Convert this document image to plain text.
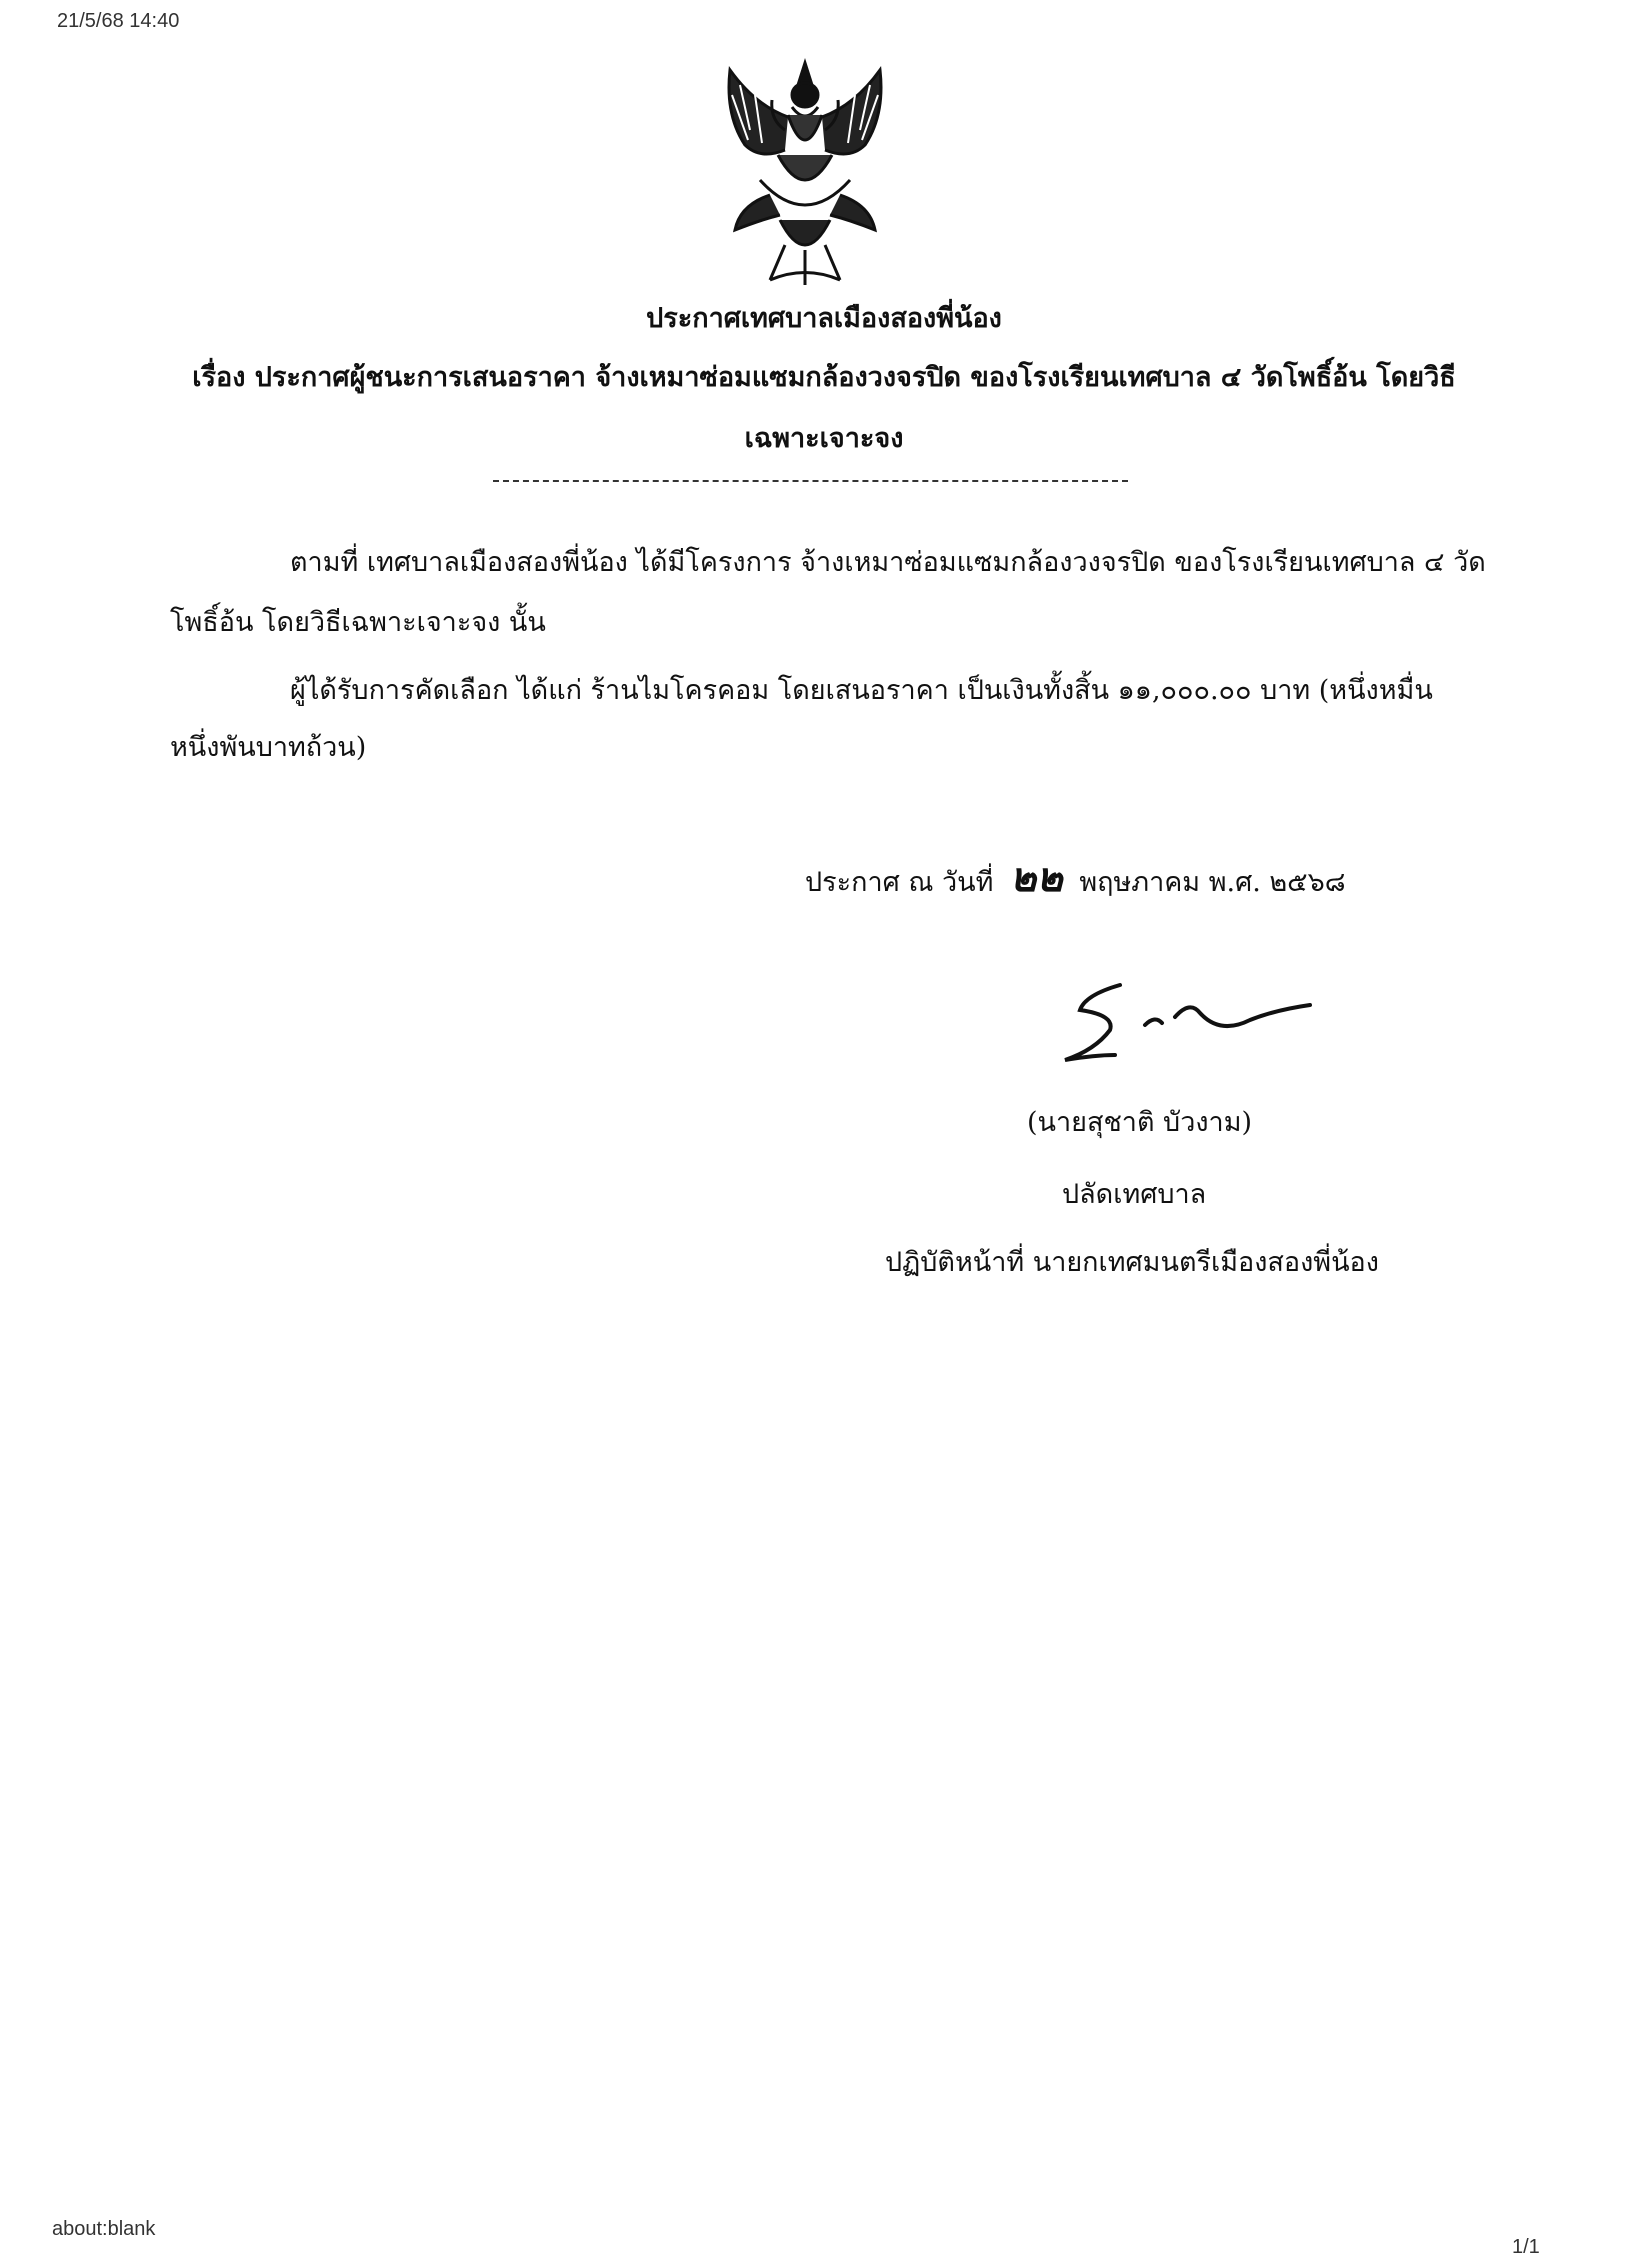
21/5/68 14:40
ประกาศเทศบาลเมืองสองพี่น้อง
เรื่อง ประกาศผู้ชนะการเสนอราคา จ้างเหมาซ่อมแซมกล้องวงจรปิด ของโรงเรียนเทศบาล ๔ วัดโพธิ์อ้น โดยวิธี
เฉพาะเจาะจง
ตามที่ เทศบาลเมืองสองพี่น้อง ได้มีโครงการ จ้างเหมาซ่อมแซมกล้องวงจรปิด ของโรงเรียนเทศบาล ๔ วัด
โพธิ์อ้น โดยวิธีเฉพาะเจาะจง นั้น
ผู้ได้รับการคัดเลือก ได้แก่ ร้านไมโครคอม โดยเสนอราคา เป็นเงินทั้งสิ้น ๑๑,๐๐๐.๐๐ บาท (หนึ่งหมื่น
หนึ่งพันบาทถ้วน)
ประกาศ ณ วันที่ ๒๒ พฤษภาคม พ.ศ. ๒๕๖๘
(นายสุชาติ บัวงาม)
ปลัดเทศบาล
ปฏิบัติหน้าที่ นายกเทศมนตรีเมืองสองพี่น้อง
about:blank
1/1
